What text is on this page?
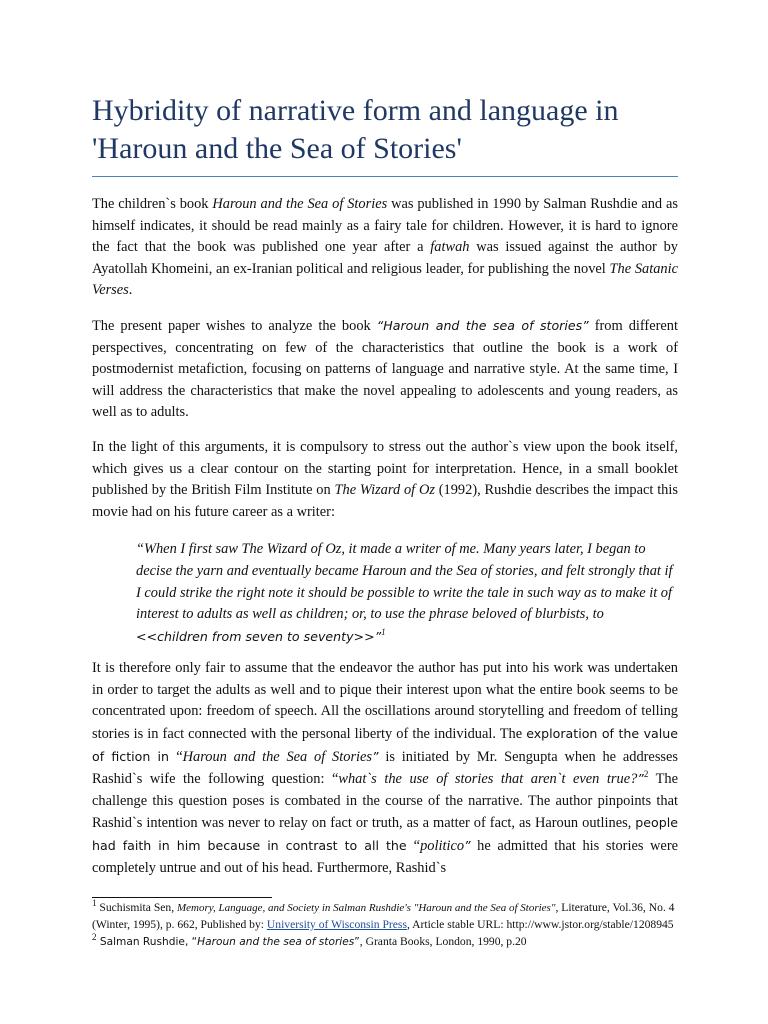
Hybridity of narrative form and language in 'Haroun and the Sea of Stories'

The children`s book Haroun and the Sea of Stories was published in 1990 by Salman Rushdie and as himself indicates, it should be read mainly as a fairy tale for children. However, it is hard to ignore the fact that the book was published one year after a fatwah was issued against the author by Ayatollah Khomeini, an ex-Iranian political and religious leader, for publishing the novel The Satanic Verses.

The present paper wishes to analyze the book “Haroun and the sea of stories” from different perspectives, concentrating on few of the characteristics that outline the book is a work of postmodernist metafiction, focusing on patterns of language and narrative style. At the same time, I will address the characteristics that make the novel appealing to adolescents and young readers, as well as to adults.

In the light of this arguments, it is compulsory to stress out the author`s view upon the book itself, which gives us a clear contour on the starting point for interpretation. Hence, in a small booklet published by the British Film Institute on The Wizard of Oz (1992), Rushdie describes the impact this movie had on his future career as a writer:

“When I first saw The Wizard of Oz, it made a writer of me. Many years later, I began to decise the yarn and eventually became Haroun and the Sea of stories, and felt strongly that if I could strike the right note it should be possible to write the tale in such way as to make it of interest to adults as well as children; or, to use the phrase beloved of blurbists, to <<children from seven to seventy>>”$^1$

It is therefore only fair to assume that the endeavor the author has put into his work was undertaken in order to target the adults as well and to pique their interest upon what the entire book seems to be concentrated upon: freedom of speech. All the oscillations around storytelling and freedom of telling stories is in fact connected with the personal liberty of the individual. The exploration of the value of fiction in “Haroun and the Sea of Stories” is initiated by Mr. Sengupta when he addresses Rashid`s wife the following question: “what`s the use of stories that aren`t even true?”$^2$ The challenge this question poses is combated in the course of the narrative. The author pinpoints that Rashid`s intention was never to relay on fact or truth, as a matter of fact, as Haroun outlines, people had faith in him because in contrast to all the “politico” he admitted that his stories were completely untrue and out of his head. Furthermore, Rashid`s

$^1$ Suchismita Sen, Memory, Language, and Society in Salman Rushdie's "Haroun and the Sea of Stories", Literature, Vol.36, No. 4 (Winter, 1995), p. 662, Published by: University of Wisconsin Press, Article stable URL: http://www.jstor.org/stable/1208945

$^2$ Salman Rushdie, “Haroun and the sea of stories”, Granta Books, London, 1990, p.20
